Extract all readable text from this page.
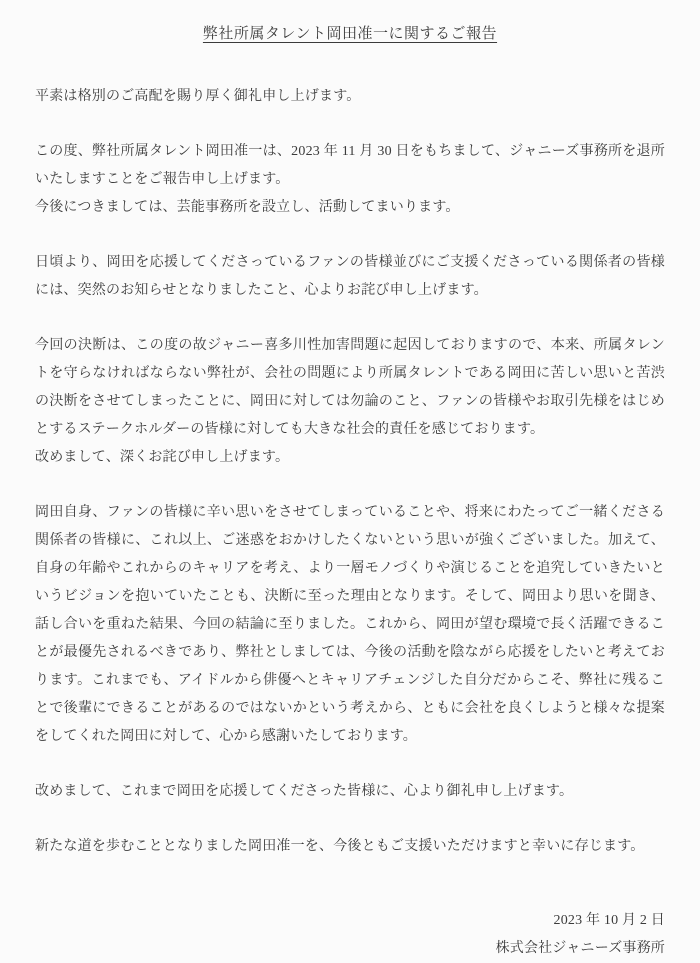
弊社所属タレント岡田准一に関するご報告

平素は格別のご高配を賜り厚く御礼申し上げます。

この度、弊社所属タレント岡田准一は、2023 年 11 月 30 日をもちまして、ジャニーズ事務所を退所いたしますことをご報告申し上げます。

今後につきましては、芸能事務所を設立し、活動してまいります。

日頃より、岡田を応援してくださっているファンの皆様並びにご支援くださっている関係者の皆様には、突然のお知らせとなりましたこと、心よりお詫び申し上げます。

今回の決断は、この度の故ジャニー喜多川性加害問題に起因しておりますので、本来、所属タレントを守らなければならない弊社が、会社の問題により所属タレントである岡田に苦しい思いと苦渋の決断をさせてしまったことに、岡田に対しては勿論のこと、ファンの皆様やお取引先様をはじめとするステークホルダーの皆様に対しても大きな社会的責任を感じております。

改めまして、深くお詫び申し上げます。

岡田自身、ファンの皆様に辛い思いをさせてしまっていることや、将来にわたってご一緒くださる関係者の皆様に、これ以上、ご迷惑をおかけしたくないという思いが強くございました。加えて、自身の年齢やこれからのキャリアを考え、より一層モノづくりや演じることを追究していきたいというビジョンを抱いていたことも、決断に至った理由となります。そして、岡田より思いを聞き、話し合いを重ねた結果、今回の結論に至りました。これから、岡田が望む環境で長く活躍できることが最優先されるべきであり、弊社としましては、今後の活動を陰ながら応援をしたいと考えております。これまでも、アイドルから俳優へとキャリアチェンジした自分だからこそ、弊社に残ることで後輩にできることがあるのではないかという考えから、ともに会社を良くしようと様々な提案をしてくれた岡田に対して、心から感謝いたしております。

改めまして、これまで岡田を応援してくださった皆様に、心より御礼申し上げます。

新たな道を歩むこととなりました岡田准一を、今後ともご支援いただけますと幸いに存じます。

2023 年 10 月 2 日

株式会社ジャニーズ事務所
